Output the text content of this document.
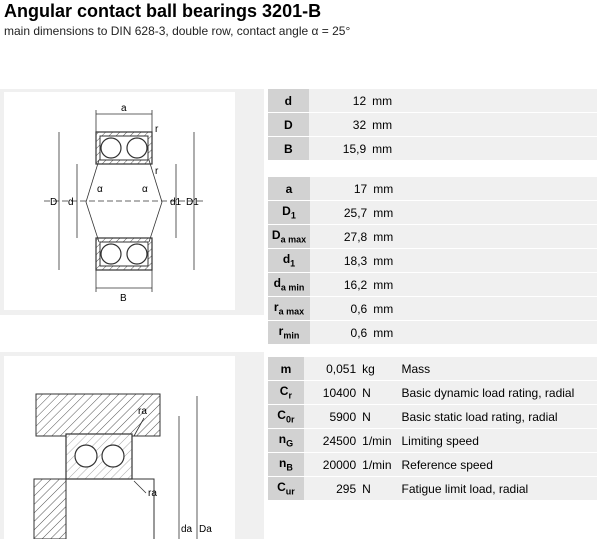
Angular contact ball bearings 3201-B
main dimensions to DIN 628-3, double row, contact angle α = 25°
a
r
r
α	α
D d	d1 D1
B
ra
ra
da Da
d	12	mm	
D	32	mm	
B	15,9	mm	
a	17	mm	
$D_1$	25,7	mm	
$D_{a max}$	27,8	mm	
$d_1$	18,3	mm	
$d_{a min}$	16,2	mm	
$r_{a max}$	0,6	mm	
$r_{min}$	0,6	mm	
m	0,051	kg	Mass
$C_r$	10400	N	Basic dynamic load rating, radial
$C_{0r}$	5900	N	Basic static load rating, radial
$n_G$	24500	1/min	Limiting speed
$n_B$	20000	1/min	Reference speed
$C_{ur}$	295	N	Fatigue limit load, radial
